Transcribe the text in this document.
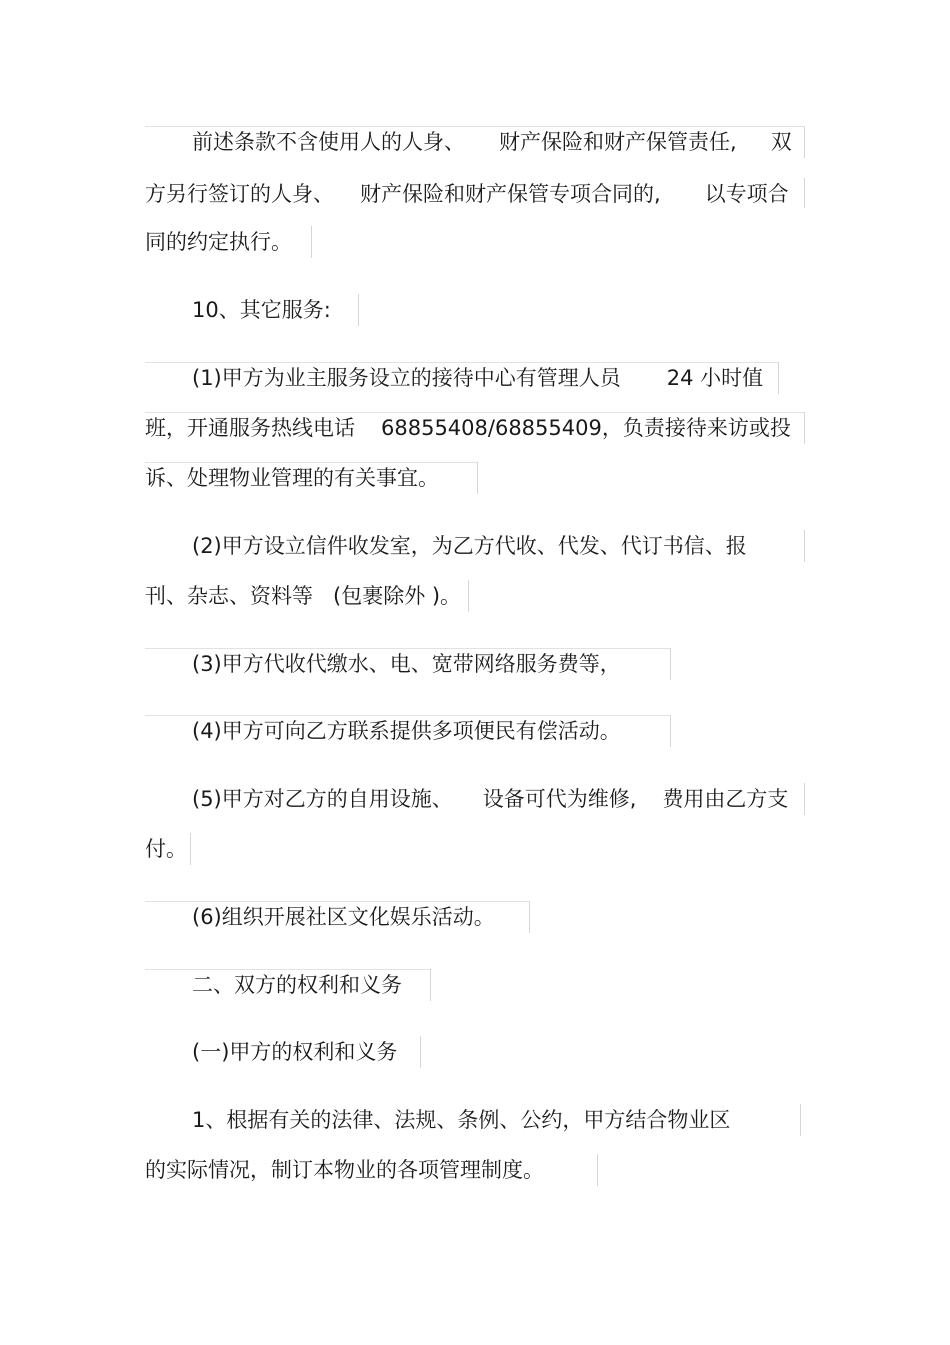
前述条款不含使用人的人身、 财产保险和财产保管责任, 双
方另行签订的人身、 财产保险和财产保管专项合同的, 以专项合
同的约定执行。
10、其它服务:
(1)甲方为业主服务设立的接待中心有管理人员 24 小时值
班，开通服务热线电话 68855408/68855409，负责接待来访或投
诉、处理物业管理的有关事宜。
(2)甲方设立信件收发室，为乙方代收、代发、代订书信、报
刊、杂志、资料等 (包裹除外 )。
(3)甲方代收代缴水、电、宽带网络服务费等，
(4)甲方可向乙方联系提供多项便民有偿活动。
(5)甲方对乙方的自用设施、 设备可代为维修, 费用由乙方支
付。
(6)组织开展社区文化娱乐活动。
二、双方的权利和义务
(一)甲方的权利和义务
1、根据有关的法律、法规、条例、公约，甲方结合物业区
的实际情况，制订本物业的各项管理制度。
